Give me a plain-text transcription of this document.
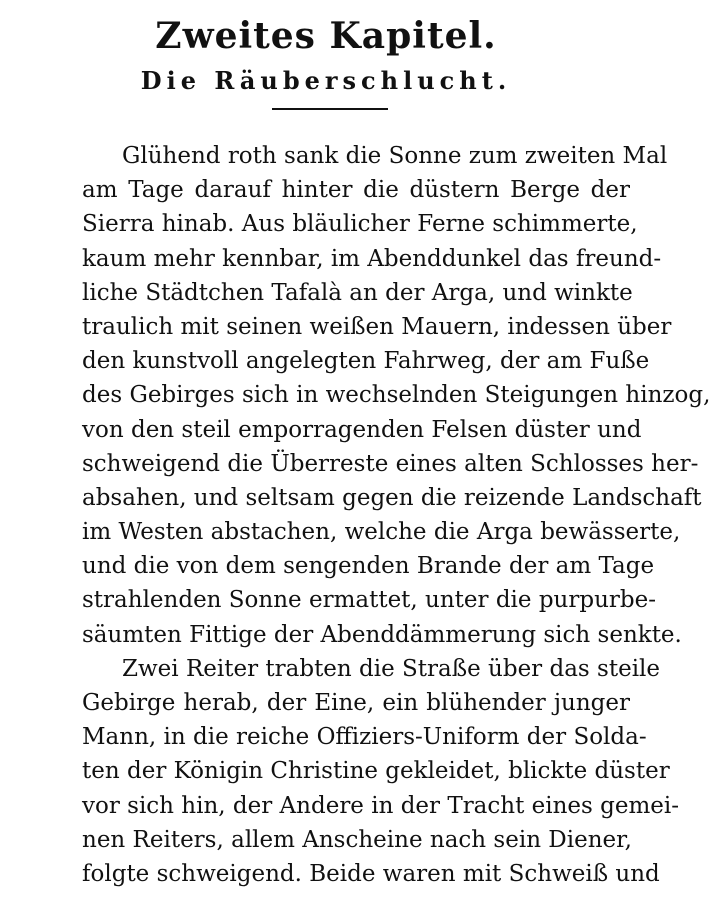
Zweites Kapitel.
Die Räuberschlucht.
Glühend roth sank die Sonne zum zweiten Mal
am Tage darauf hinter die düstern Berge der
Sierra hinab. Aus bläulicher Ferne schimmerte,
kaum mehr kennbar, im Abenddunkel das freund-
liche Städtchen Tafalà an der Arga, und winkte
traulich mit seinen weißen Mauern, indessen über
den kunstvoll angelegten Fahrweg, der am Fuße
des Gebirges sich in wechselnden Steigungen hinzog,
von den steil emporragenden Felsen düster und
schweigend die Überreste eines alten Schlosses her-
absahen, und seltsam gegen die reizende Landschaft
im Westen abstachen, welche die Arga bewässerte,
und die von dem sengenden Brande der am Tage
strahlenden Sonne ermattet, unter die purpurbe-
säumten Fittige der Abenddämmerung sich senkte.
Zwei Reiter trabten die Straße über das steile
Gebirge herab, der Eine, ein blühender junger
Mann, in die reiche Offiziers-Uniform der Solda-
ten der Königin Christine gekleidet, blickte düster
vor sich hin, der Andere in der Tracht eines gemei-
nen Reiters, allem Anscheine nach sein Diener,
folgte schweigend. Beide waren mit Schweiß und
